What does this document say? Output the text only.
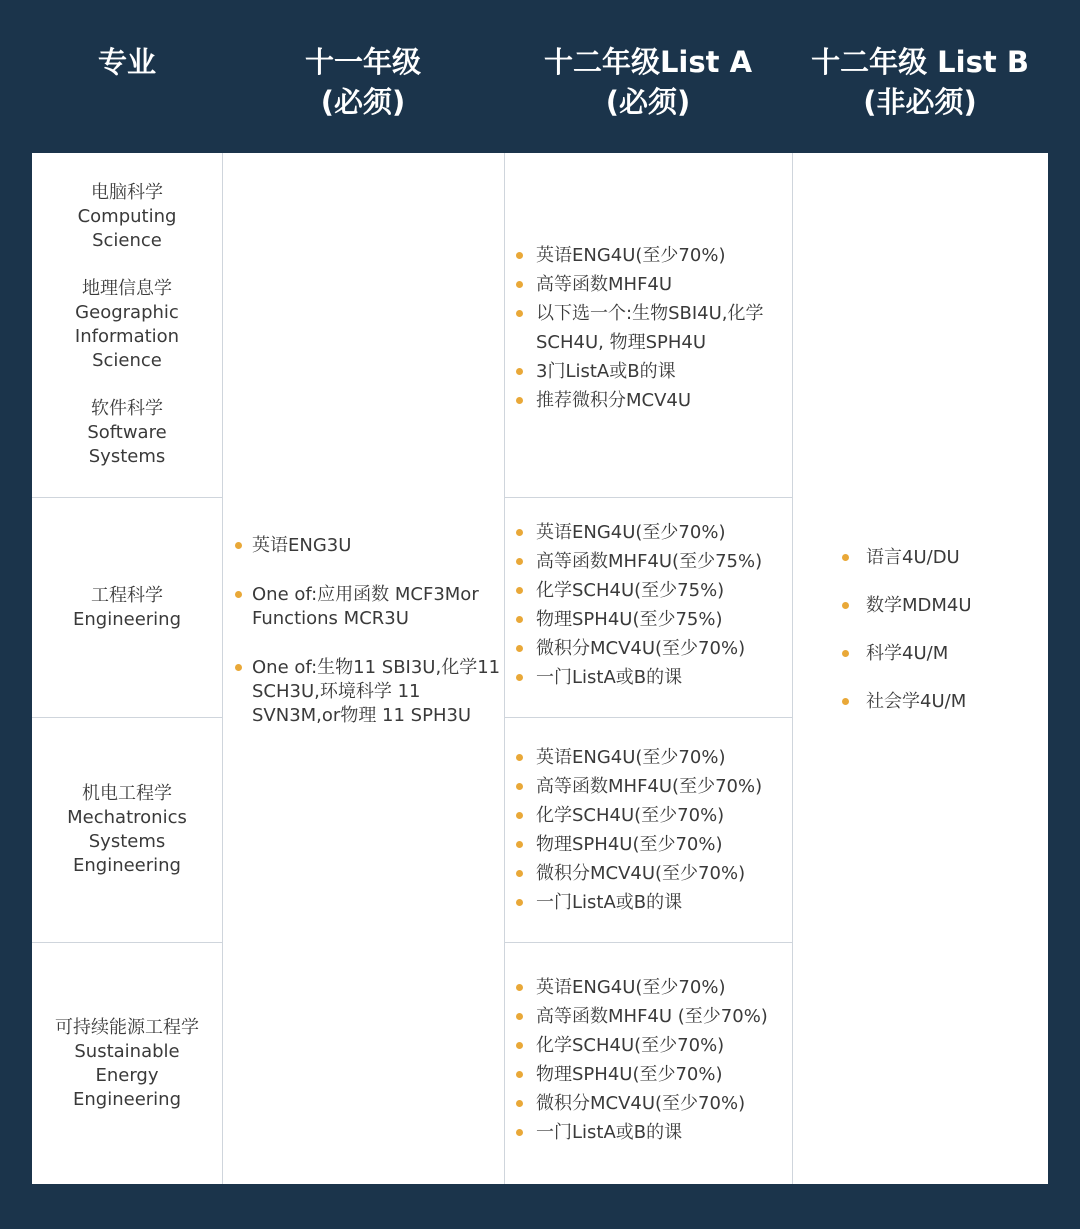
专业	十一年级
(必须)
十二年级List A
(必须)
十二年级 List B
(非必须)

电脑科学
Computing
Science

地理信息学
Geographic
Information
Science

软件科学
Software
Systems

工程科学
Engineering

机电工程学
Mechatronics
Systems
Engineering

可持续能源工程学
Sustainable
Energy
Engineering

英语ENG3U
One of:应用函数 MCF3Mor Functions MCR3U
One of:生物11 SBI3U,化学11 SCH3U,环境科学 11 SVN3M,or物理 11 SPH3U
英语ENG4U(至少70%)
高等函数MHF4U
以下选一个:生物SBI4U,化学SCH4U, 物理SPH4U
3门ListA或B的课
推荐微积分MCV4U
英语ENG4U(至少70%)
高等函数MHF4U(至少75%)
化学SCH4U(至少75%)
物理SPH4U(至少75%)
微积分MCV4U(至少70%)
一门ListA或B的课
英语ENG4U(至少70%)
高等函数MHF4U(至少70%)
化学SCH4U(至少70%)
物理SPH4U(至少70%)
微积分MCV4U(至少70%)
一门ListA或B的课
英语ENG4U(至少70%)
高等函数MHF4U (至少70%)
化学SCH4U(至少70%)
物理SPH4U(至少70%)
微积分MCV4U(至少70%)
一门ListA或B的课
语言4U/DU
数学MDM4U
科学4U/M
社会学4U/M
